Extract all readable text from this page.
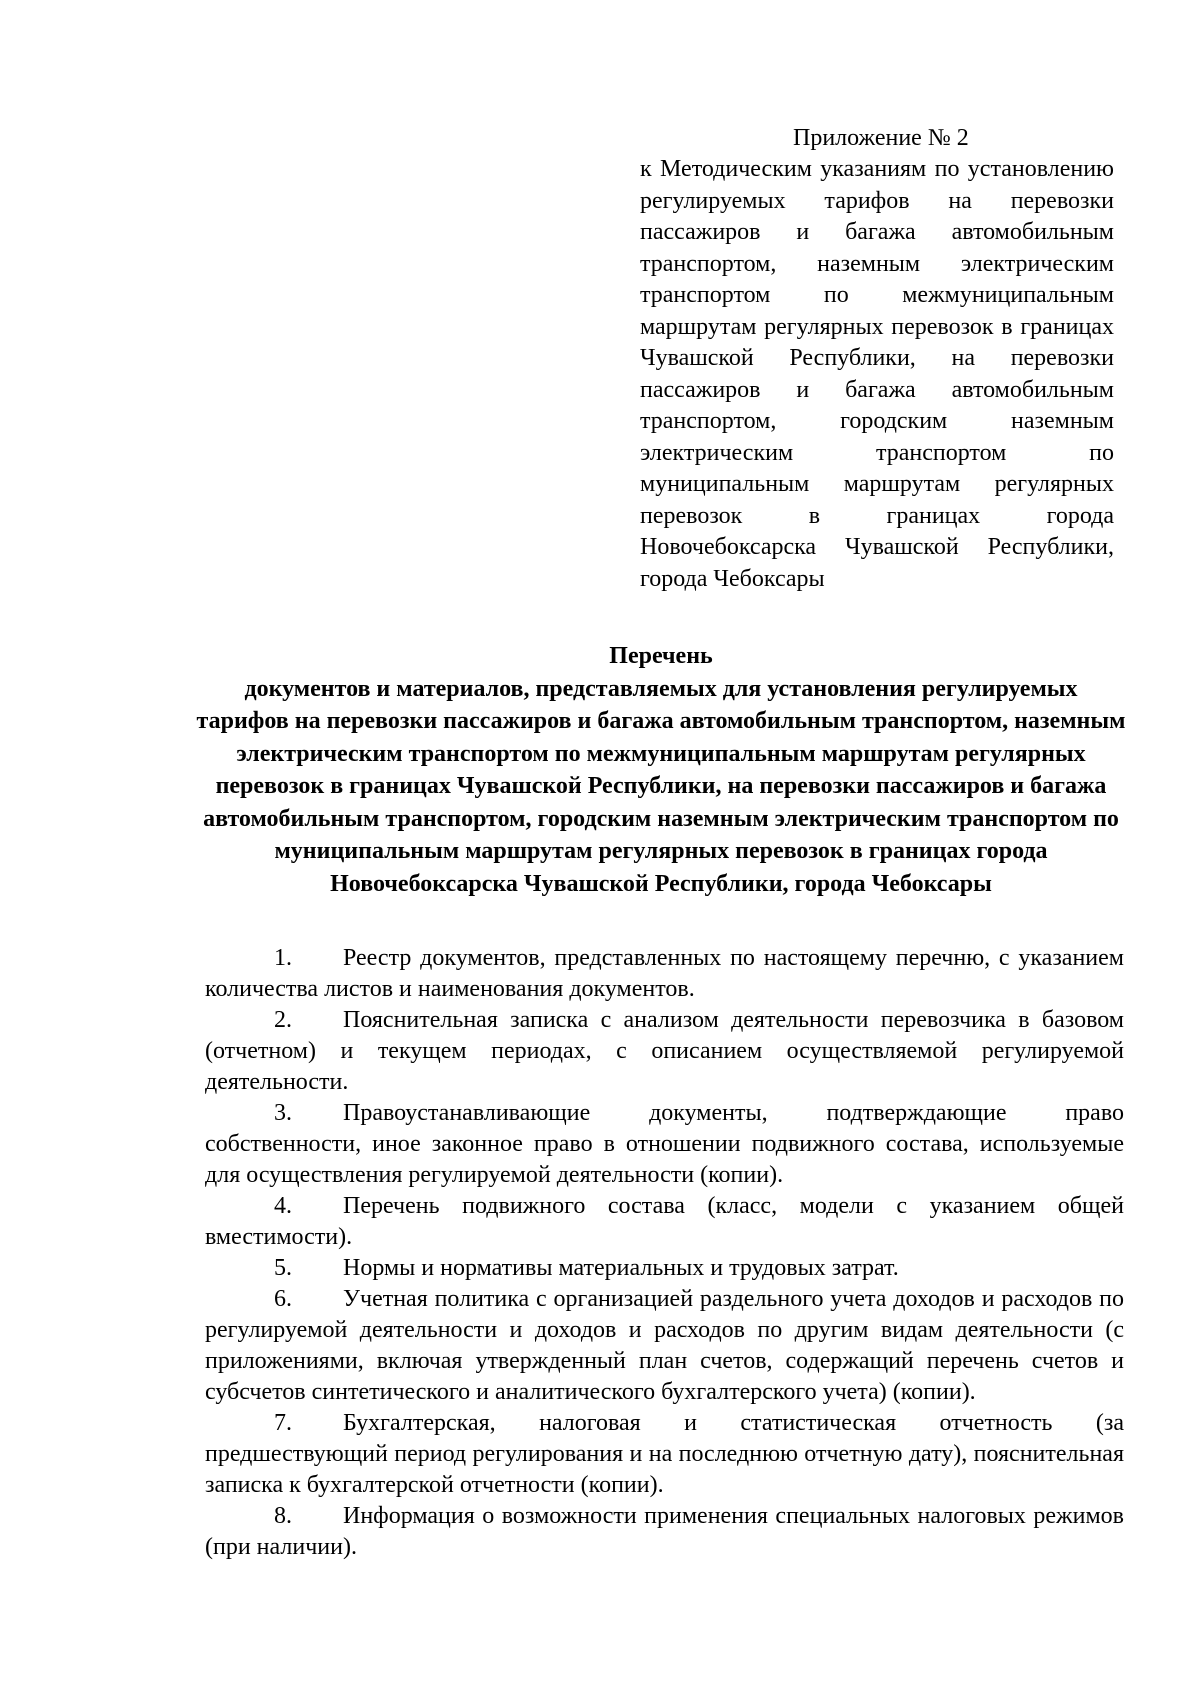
Приложение № 2
к Методическим указаниям по установлению регулируемых тарифов на перевозки пассажиров и багажа автомобильным транспортом, наземным электрическим транспортом по межмуниципальным маршрутам регулярных перевозок в границах Чувашской Республики, на перевозки пассажиров и багажа автомобильным транспортом, городским наземным электрическим транспортом по муниципальным маршрутам регулярных перевозок в границах города Новочебоксарска Чувашской Республики, города Чебоксары
Перечень
документов и материалов, представляемых для установления регулируемых тарифов на перевозки пассажиров и багажа автомобильным транспортом, наземным электрическим транспортом по межмуниципальным маршрутам регулярных перевозок в границах Чувашской Республики, на перевозки пассажиров и багажа автомобильным транспортом, городским наземным электрическим транспортом по муниципальным маршрутам регулярных перевозок в границах города Новочебоксарска Чувашской Республики, города Чебоксары
1. Реестр документов, представленных по настоящему перечню, с указанием количества листов и наименования документов.
2. Пояснительная записка с анализом деятельности перевозчика в базовом (отчетном) и текущем периодах, с описанием осуществляемой регулируемой деятельности.
3. Правоустанавливающие документы, подтверждающие право собственности, иное законное право в отношении подвижного состава, используемые для осуществления регулируемой деятельности (копии).
4. Перечень подвижного состава (класс, модели с указанием общей вместимости).
5. Нормы и нормативы материальных и трудовых затрат.
6. Учетная политика с организацией раздельного учета доходов и расходов по регулируемой деятельности и доходов и расходов по другим видам деятельности (с приложениями, включая утвержденный план счетов, содержащий перечень счетов и субсчетов синтетического и аналитического бухгалтерского учета) (копии).
7. Бухгалтерская, налоговая и статистическая отчетность (за предшествующий период регулирования и на последнюю отчетную дату), пояснительная записка к бухгалтерской отчетности (копии).
8. Информация о возможности применения специальных налоговых режимов (при наличии).
